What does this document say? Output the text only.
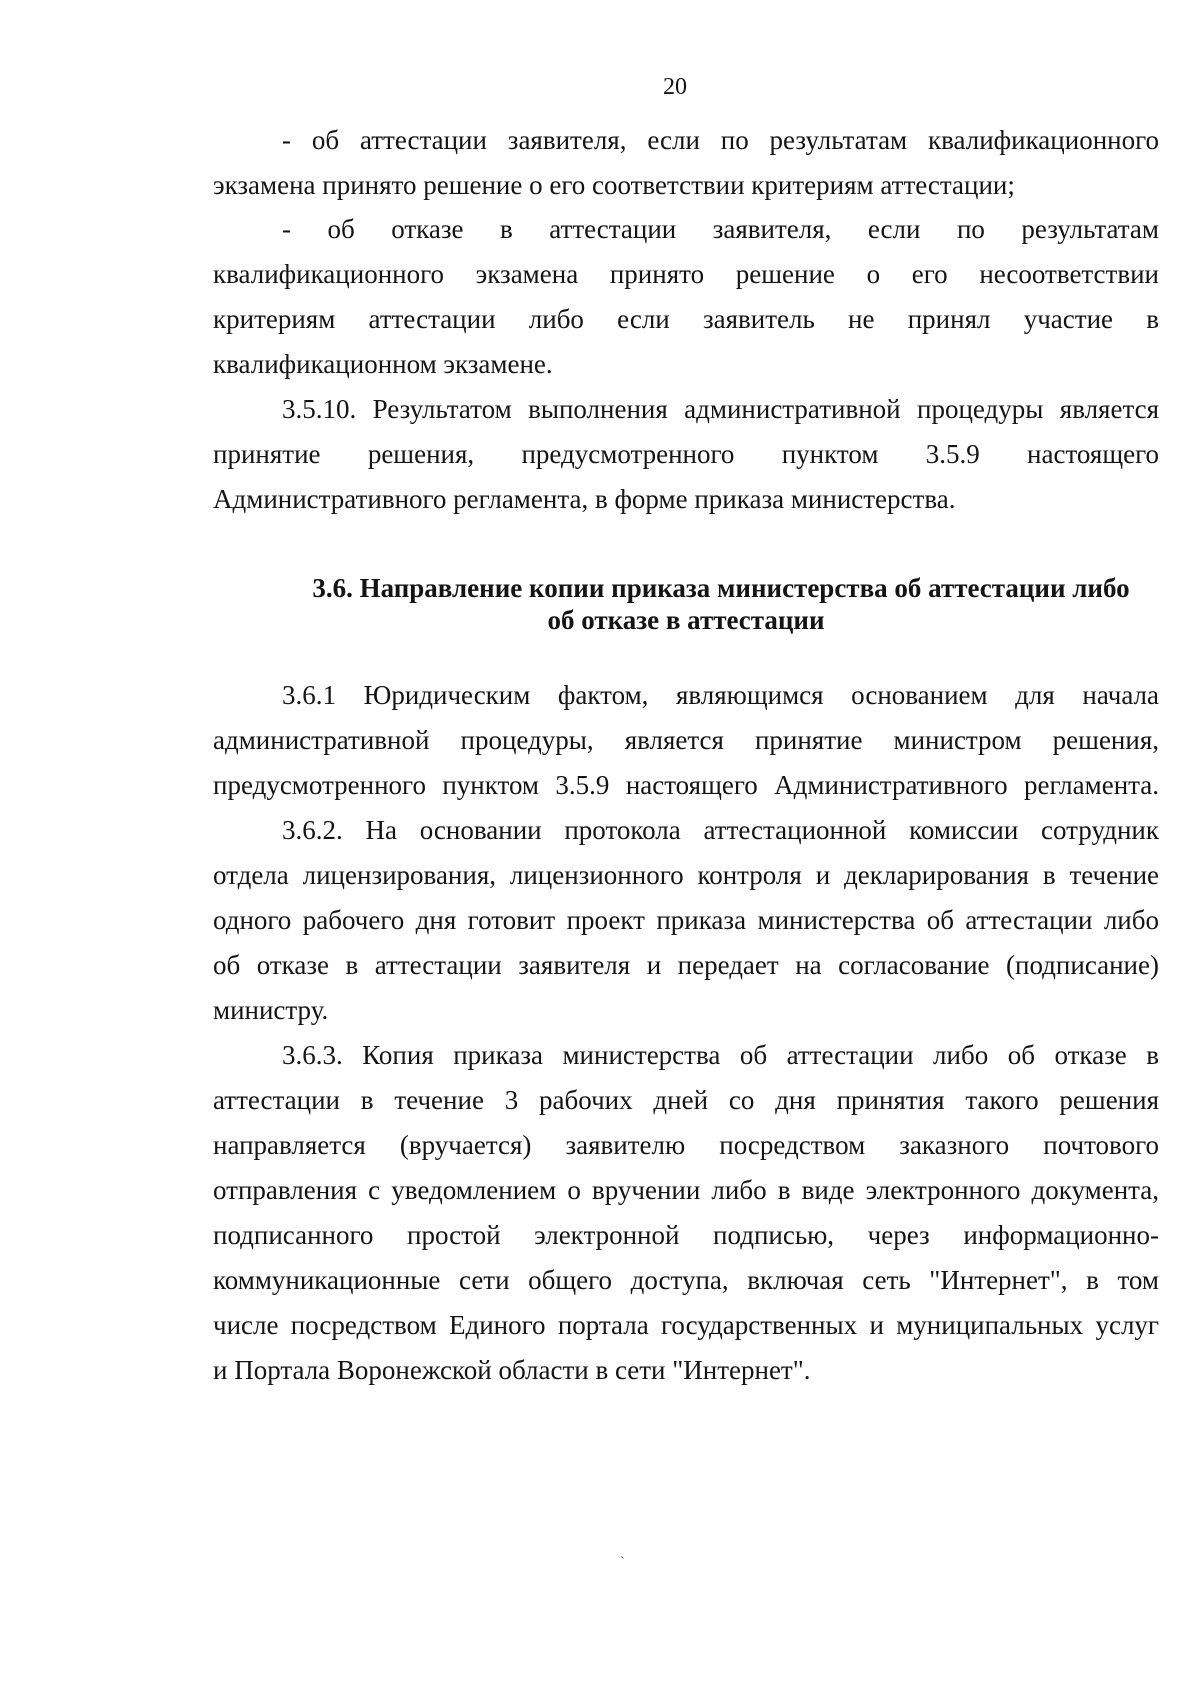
20
- об аттестации заявителя, если по результатам квалификационного
экзамена принято решение о его соответствии критериям аттестации;
- об отказе в аттестации заявителя, если по результатам
квалификационного экзамена принято решение о его несоответствии
критериям аттестации либо если заявитель не принял участие в
квалификационном экзамене.
3.5.10. Результатом выполнения административной процедуры является
принятие решения, предусмотренного пунктом 3.5.9 настоящего
Административного регламента, в форме приказа министерства.
3.6. Направление копии приказа министерства об аттестации либо
об отказе в аттестации
3.6.1 Юридическим фактом, являющимся основанием для начала
административной процедуры, является принятие министром решения,
предусмотренного пунктом 3.5.9 настоящего Административного регламента.
3.6.2. На основании протокола аттестационной комиссии сотрудник
отдела лицензирования, лицензионного контроля и декларирования в течение
одного рабочего дня готовит проект приказа министерства об аттестации либо
об отказе в аттестации заявителя и передает на согласование (подписание)
министру.
3.6.3. Копия приказа министерства об аттестации либо об отказе в
аттестации в течение 3 рабочих дней со дня принятия такого решения
направляется (вручается) заявителю посредством заказного почтового
отправления с уведомлением о вручении либо в виде электронного документа,
подписанного простой электронной подписью, через информационно-
коммуникационные сети общего доступа, включая сеть "Интернет", в том
числе посредством Единого портала государственных и муниципальных услуг
и Портала Воронежской области в сети "Интернет".
`
